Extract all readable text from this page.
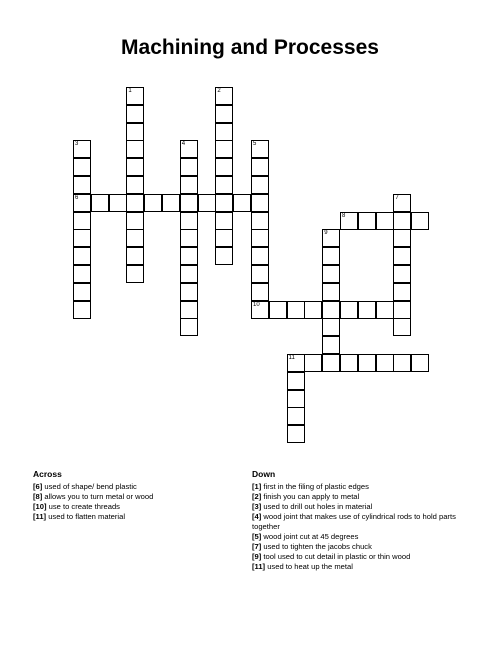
Machining and Processes
1	2
3
6
4	5
10
7
8
9
11
Across
[6] used of shape/ bend plastic
[8] allows you to turn metal or wood
[10] use to create threads
[11] used to flatten material
Down
[1] first in the filing of plastic edges
[2] finish you can apply to metal
[3] used to drill out holes in material
[4] wood joint that makes use of cylindrical rods to hold parts together
[5] wood joint cut at 45 degrees
[7] used to tighten the jacobs chuck
[9] tool used to cut detail in plastic or thin wood
[11] used to heat up the metal
